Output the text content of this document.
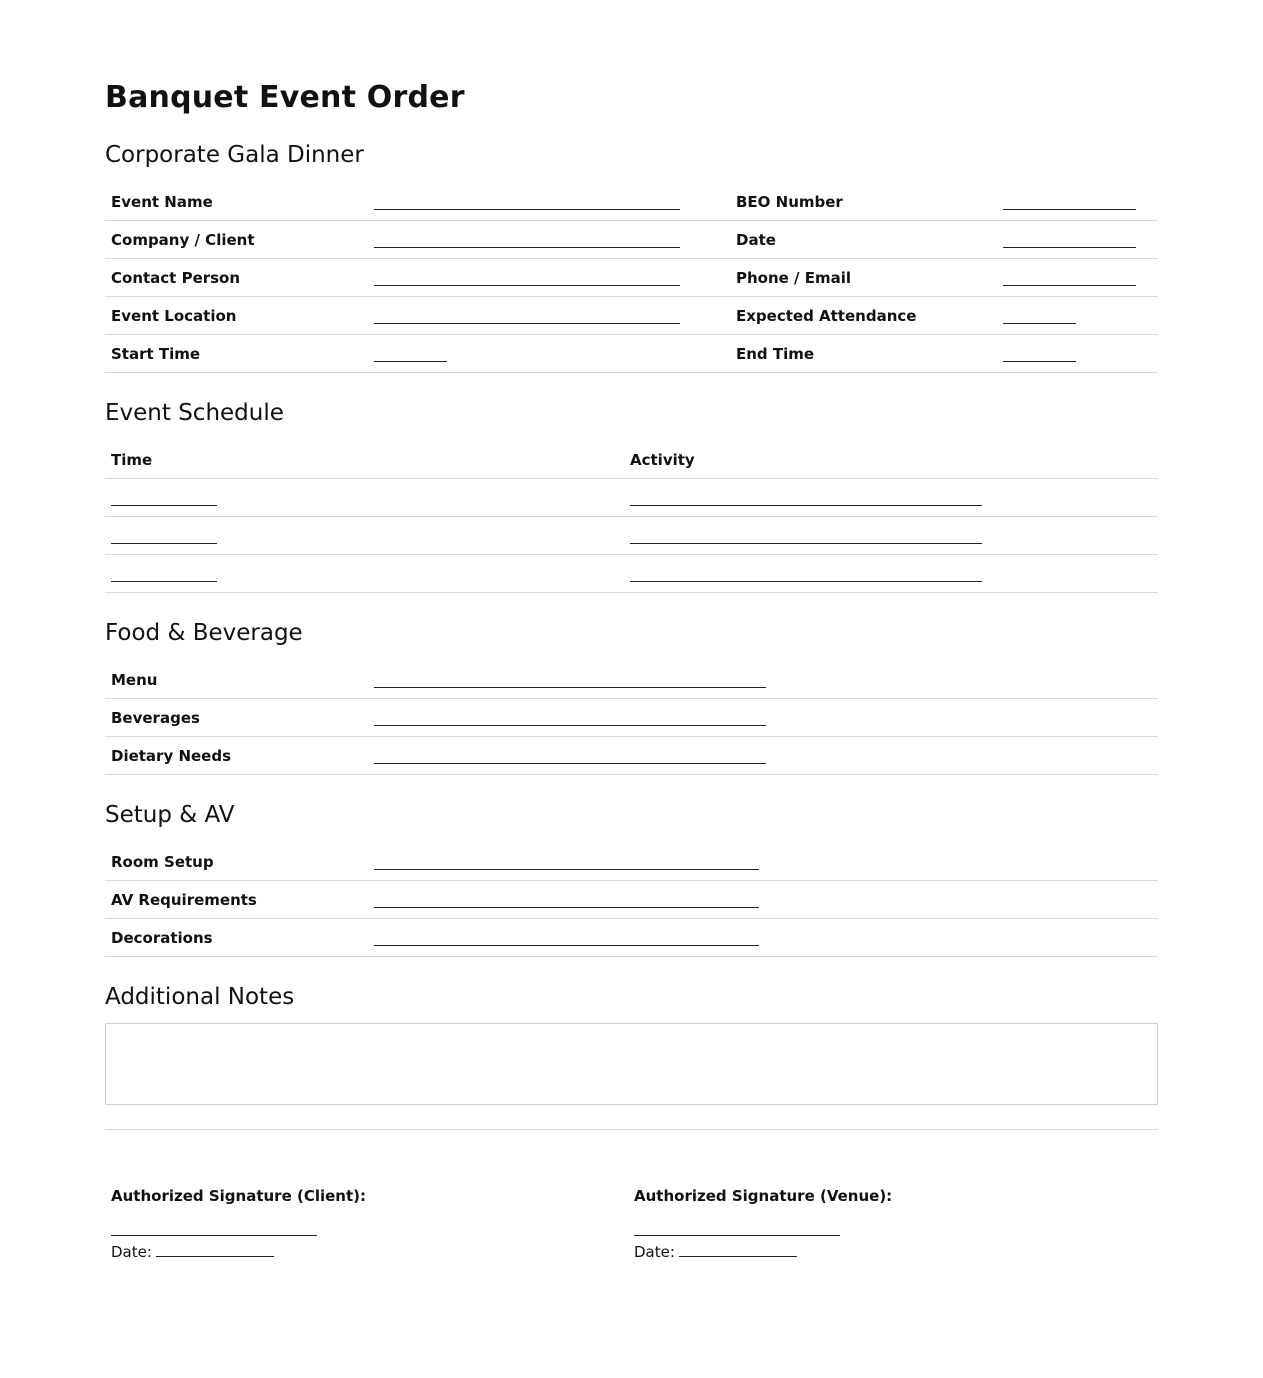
Banquet Event Order
Corporate Gala Dinner
Event Name		BEO Number	
Company / Client		Date	
Contact Person		Phone / Email	
Event Location		Expected Attendance	
Start Time		End Time	
Event Schedule
Time	Activity

Food & Beverage
Menu	
Beverages	
Dietary Needs	
Setup & AV
Room Setup	
AV Requirements	
Decorations	
Additional Notes
Authorized Signature (Client):
Date:
Authorized Signature (Venue):
Date:
